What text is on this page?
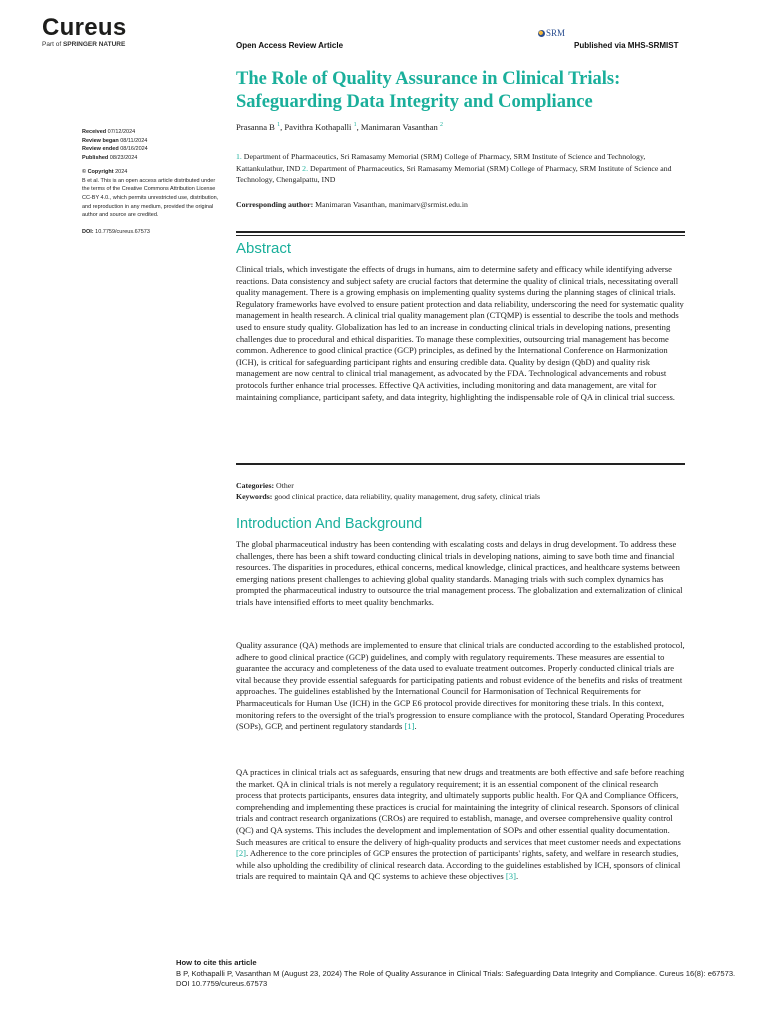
Cureus
Part of SPRINGER NATURE	Open Access Review Article
SRM
Published via MHS-SRMIST
The Role of Quality Assurance in Clinical Trials: Safeguarding Data Integrity and Compliance
Prasanna B $^1$, Pavithra Kothapalli $^1$, Manimaran Vasanthan $^2$
1. Department of Pharmaceutics, Sri Ramasamy Memorial (SRM) College of Pharmacy, SRM Institute of Science and Technology, Kattankulathur, IND 2. Department of Pharmaceutics, Sri Ramasamy Memorial (SRM) College of Pharmacy, SRM Institute of Science and Technology, Chengalpattu, IND
Corresponding author: Manimaran Vasanthan, manimarv@srmist.edu.in
Received 07/12/2024
Review began 08/11/2024
Review ended 08/16/2024
Published 08/23/2024
© Copyright 2024
B et al. This is an open access article distributed under the terms of the Creative Commons Attribution License CC-BY 4.0., which permits unrestricted use, distribution, and reproduction in any medium, provided the original author and source are credited.
DOI: 10.7759/cureus.67573
Abstract

Clinical trials, which investigate the effects of drugs in humans, aim to determine safety and efficacy while identifying adverse reactions. Data consistency and subject safety are crucial factors that determine the quality of clinical trials, necessitating overall quality management. There is a growing emphasis on implementing quality systems during the planning stages of clinical trials. Regulatory frameworks have evolved to ensure patient protection and data reliability, underscoring the need for systematic quality management in health research. A clinical trial quality management plan (CTQMP) is essential to describe the tools and methods used to ensure study quality. Globalization has led to an increase in conducting clinical trials in developing nations, presenting challenges due to procedural and ethical disparities. To manage these complexities, outsourcing trial management has become common. Adherence to good clinical practice (GCP) principles, as defined by the International Conference on Harmonization (ICH), is critical for safeguarding participant rights and ensuring credible data. Quality by design (QbD) and quality risk management are now central to clinical trial management, as advocated by the FDA. Technological advancements and robust protocols further enhance trial processes. Effective QA activities, including monitoring and data management, are vital for maintaining compliance, participant safety, and data integrity, highlighting the indispensable role of QA in clinical trial success.

Categories: Other
Keywords: good clinical practice, data reliability, quality management, drug safety, clinical trials
Introduction And Background

The global pharmaceutical industry has been contending with escalating costs and delays in drug development. To address these challenges, there has been a shift toward conducting clinical trials in developing nations, aiming to save both time and financial resources. The disparities in procedures, ethical concerns, medical knowledge, clinical practices, and healthcare systems between emerging nations present challenges to achieving global quality standards. Managing trials with such complex dynamics has prompted the pharmaceutical industry to outsource the trial management process. The globalization and externalization of clinical trials have intensified efforts to meet quality benchmarks.

Quality assurance (QA) methods are implemented to ensure that clinical trials are conducted according to the established protocol, adhere to good clinical practice (GCP) guidelines, and comply with regulatory requirements. These measures are essential to guarantee the accuracy and completeness of the data used to evaluate treatment outcomes. Properly conducted clinical trials are vital because they provide essential safeguards for participating patients and robust evidence of the benefits and risks of treatment approaches. The guidelines established by the International Council for Harmonisation of Technical Requirements for Pharmaceuticals for Human Use (ICH) in the GCP E6 protocol provide directives for monitoring these trials. In this context, monitoring refers to the oversight of the trial's progression to ensure compliance with the protocol, Standard Operating Procedures (SOPs), GCP, and pertinent regulatory standards [1].

QA practices in clinical trials act as safeguards, ensuring that new drugs and treatments are both effective and safe before reaching the market. QA in clinical trials is not merely a regulatory requirement; it is an essential component of the clinical research process that protects participants, ensures data integrity, and ultimately supports public health. For QA and Compliance Officers, comprehending and implementing these practices is crucial for maintaining the integrity of clinical research. Sponsors of clinical trials and contract research organizations (CROs) are required to establish, manage, and oversee comprehensive quality control (QC) and QA systems. This includes the development and implementation of SOPs and other essential quality documentation. Such measures are critical to ensure the delivery of high-quality products and services that meet customer needs and expectations [2]. Adherence to the core principles of GCP ensures the protection of participants' rights, safety, and welfare in research studies, while also upholding the credibility of clinical research data. According to the guidelines established by ICH, sponsors of clinical trials are required to maintain QA and QC systems to achieve these objectives [3].

How to cite this article
B P, Kothapalli P, Vasanthan M (August 23, 2024) The Role of Quality Assurance in Clinical Trials: Safeguarding Data Integrity and Compliance. Cureus 16(8): e67573. DOI 10.7759/cureus.67573
